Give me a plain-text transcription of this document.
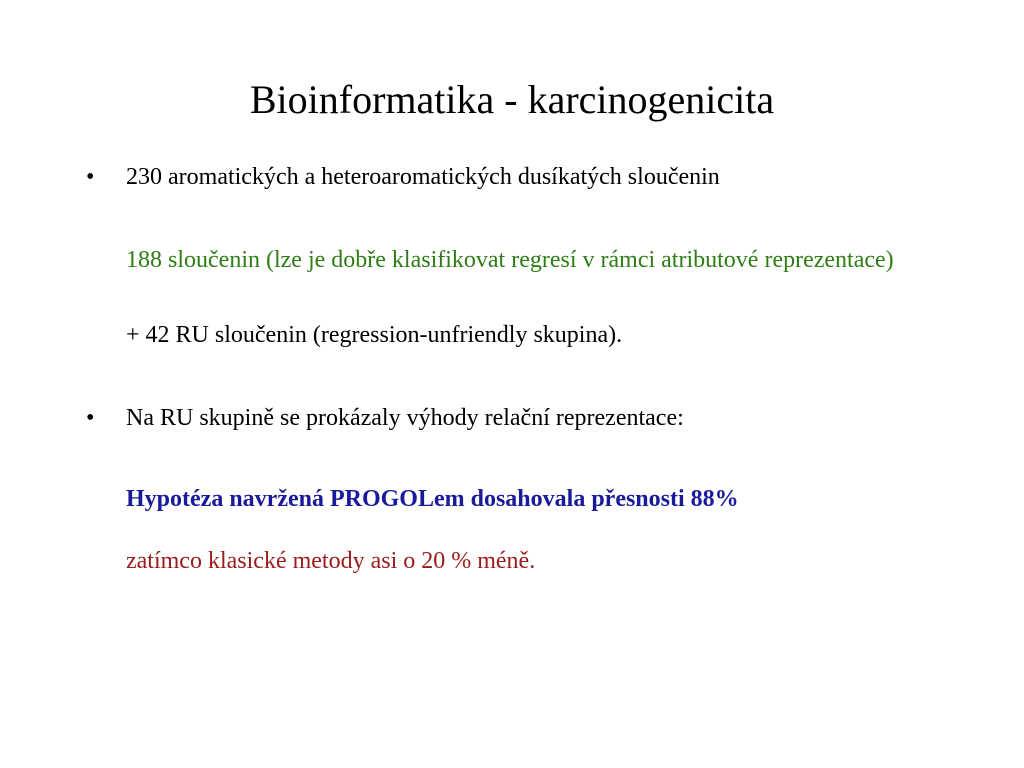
Bioinformatika - karcinogenicita
• 230 aromatických a heteroaromatických dusíkatých sloučenin
188 sloučenin (lze je dobře klasifikovat regresí v rámci atributové reprezentace)
+ 42 RU sloučenin (regression-unfriendly skupina).
• Na RU skupině se prokázaly výhody relační reprezentace:
Hypotéza navržená PROGOLem dosahovala přesnosti 88%
zatímco klasické metody asi o 20 % méně.
